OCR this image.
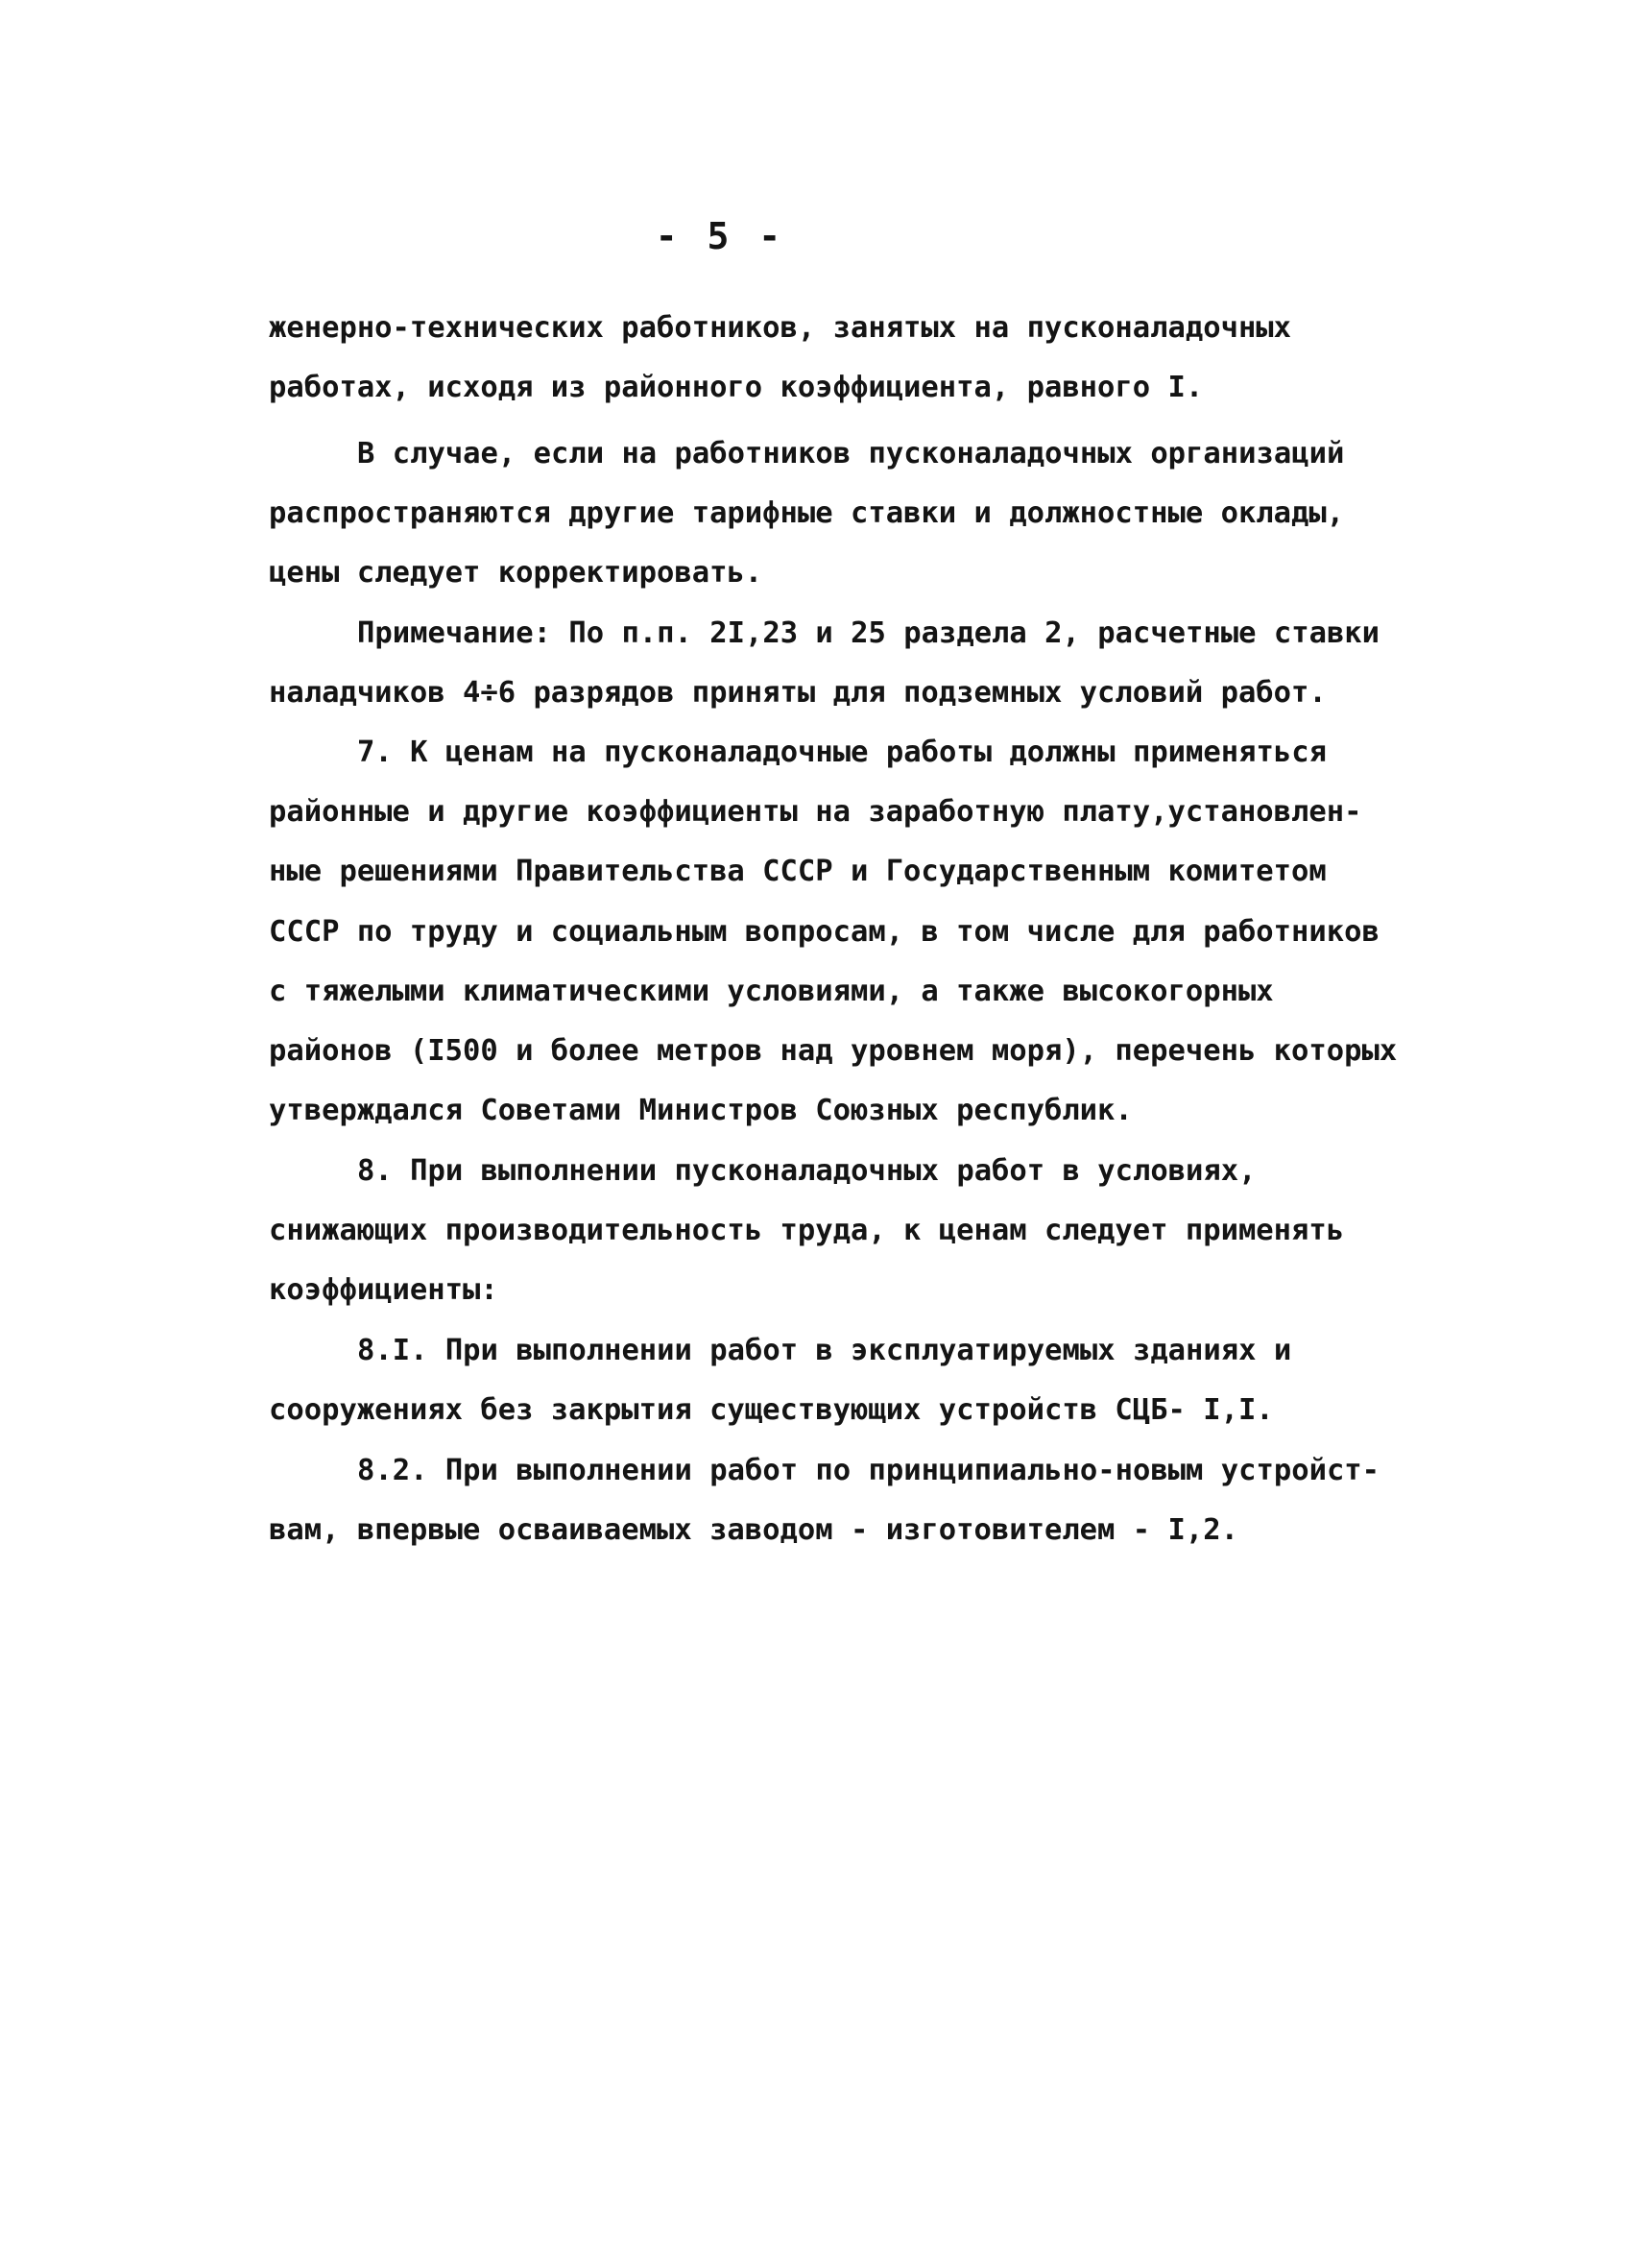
- 5 -
женерно-технических работников, занятых на пусконаладочных
работах, исходя из районного коэффициента, равного I.
В случае, если на работников пусконаладочных организаций
распространяются другие тарифные ставки и должностные оклады,
цены следует корректировать.
Примечание: По п.п. 2I,23 и 25 раздела 2, расчетные ставки
наладчиков 4÷6 разрядов приняты для подземных условий работ.
7. К ценам на пусконаладочные работы должны применяться
районные и другие коэффициенты на заработную плату,установлен-
ные решениями Правительства СССР и Государственным комитетом
СССР по труду и социальным вопросам, в том числе для работников
с тяжелыми климатическими условиями, а также высокогорных
районов (I500 и более метров над уровнем моря), перечень которых
утверждался Советами Министров Союзных республик.
8. При выполнении пусконаладочных работ в условиях,
снижающих производительность труда, к ценам следует применять
коэффициенты:
8.I. При выполнении работ в эксплуатируемых зданиях и
сооружениях без закрытия существующих устройств СЦБ- I,I.
8.2. При выполнении работ по принципиально-новым устройст-
вам, впервые осваиваемых заводом - изготовителем - I,2.
